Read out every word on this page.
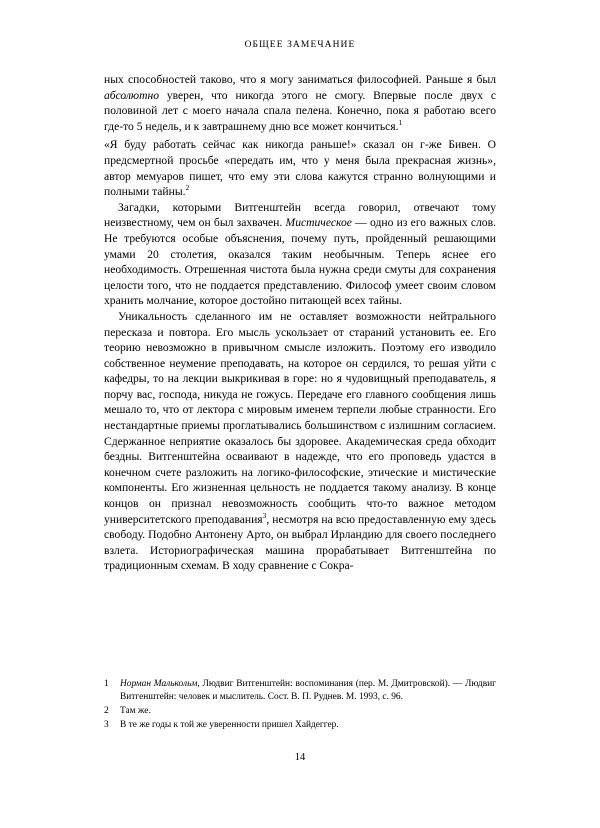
ОБЩЕЕ ЗАМЕЧАНИЕ

ных способностей таково, что я могу заниматься философией. Раньше я был абсолютно уверен, что никогда этого не смогу. Впервые после двух с половиной лет с моего начала спала пелена. Конечно, пока я работаю всего где-то 5 недель, и к завтрашнему дню все может кончиться.$^1$

«Я буду работать сейчас как никогда раньше!» сказал он г-же Бивен. О предсмертной просьбе «передать им, что у меня была прекрасная жизнь», автор мемуаров пишет, что ему эти слова кажутся странно волнующими и полными тайны.$^2$

Загадки, которыми Витгенштейн всегда говорил, отвечают тому неизвестному, чем он был захвачен. Мистическое — одно из его важных слов. Не требуются особые объяснения, почему путь, пройденный решающими умами 20 столетия, оказался таким необычным. Теперь яснее его необходимость. Отрешенная чистота была нужна среди смуты для сохранения целости того, что не поддается представлению. Философ умеет своим словом хранить молчание, которое достойно питающей всех тайны.

Уникальность сделанного им не оставляет возможности нейтрального пересказа и повтора. Его мысль ускользает от стараний установить ее. Его теорию невозможно в привычном смысле изложить. Поэтому его изводило собственное неумение преподавать, на которое он сердился, то решая уйти с кафедры, то на лекции выкрикивая в горе: но я чудовищный преподаватель, я порчу вас, господа, никуда не гожусь. Передаче его главного сообщения лишь мешало то, что от лектора с мировым именем терпели любые странности. Его нестандартные приемы проглатывались большинством с излишним согласием. Сдержанное неприятие оказалось бы здоровее. Академическая среда обходит бездны. Витгенштейна осваивают в надежде, что его проповедь удастся в конечном счете разложить на логико-философские, этические и мистические компоненты. Его жизненная цельность не поддается такому анализу. В конце концов он признал невозможность сообщить что-то важное методом университетского преподавания$^3$, несмотря на всю предоставленную ему здесь свободу. Подобно Антонену Арто, он выбрал Ирландию для своего последнего взлета. Историографическая машина прорабатывает Витгенштейна по традиционным схемам. В ходу сравнение с Сокра-

1 Норман Малькольм, Людвиг Витгенштейн: воспоминания (пер. М. Дмитровской). — Людвиг Витгенштейн: человек и мыслитель. Сост. В. П. Руднев. М. 1993, с. 96.

2 Там же.

3 В те же годы к той же уверенности пришел Хайдеггер.

14
